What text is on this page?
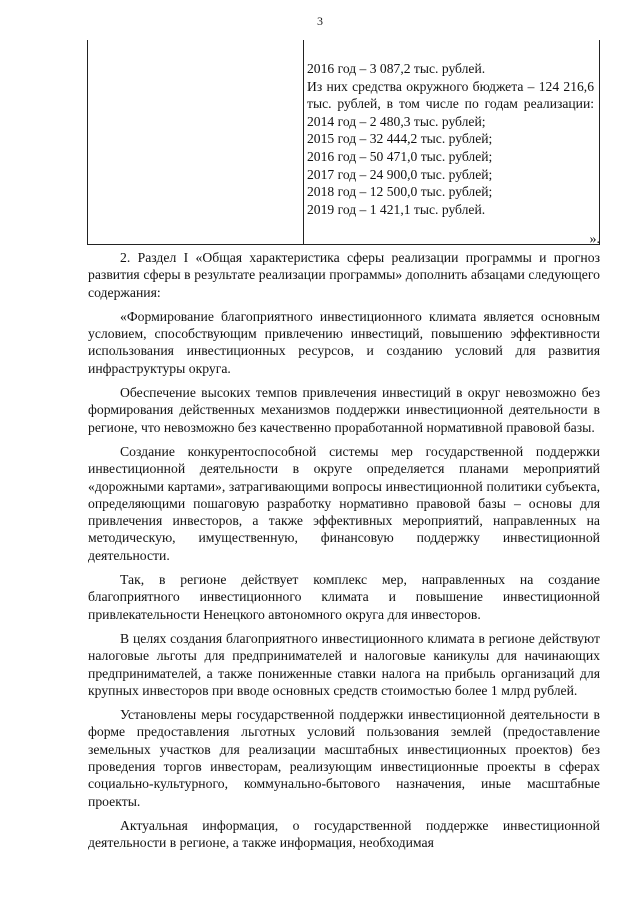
3
2016 год – 3 087,2 тыс. рублей.
Из них средства окружного бюджета – 124 216,6 тыс. рублей, в том числе по годам реализации:
2014 год – 2 480,3 тыс. рублей;
2015 год – 32 444,2 тыс. рублей;
2016 год – 50 471,0 тыс. рублей;
2017 год – 24 900,0 тыс. рублей;
2018 год – 12 500,0 тыс. рублей;
2019 год – 1 421,1 тыс. рублей.
».

2. Раздел I «Общая характеристика сферы реализации программы и прогноз развития сферы в результате реализации программы» дополнить абзацами следующего содержания:

«Формирование благоприятного инвестиционного климата является основным условием, способствующим привлечению инвестиций, повышению эффективности использования инвестиционных ресурсов, и созданию условий для развития инфраструктуры округа.

Обеспечение высоких темпов привлечения инвестиций в округ невозможно без формирования действенных механизмов поддержки инвестиционной деятельности в регионе, что невозможно без качественно проработанной нормативной правовой базы.

Создание конкурентоспособной системы мер государственной поддержки инвестиционной деятельности в округе определяется планами мероприятий «дорожными картами», затрагивающими вопросы инвестиционной политики субъекта, определяющими пошаговую разработку нормативно правовой базы – основы для привлечения инвесторов, а также эффективных мероприятий, направленных на методическую, имущественную, финансовую поддержку инвестиционной деятельности.

Так, в регионе действует комплекс мер, направленных на создание благоприятного инвестиционного климата и повышение инвестиционной привлекательности Ненецкого автономного округа для инвесторов.

В целях создания благоприятного инвестиционного климата в регионе действуют налоговые льготы для предпринимателей и налоговые каникулы для начинающих предпринимателей, а также пониженные ставки налога на прибыль организаций для крупных инвесторов при вводе основных средств стоимостью более 1 млрд рублей.

Установлены меры государственной поддержки инвестиционной деятельности в форме предоставления льготных условий пользования землей (предоставление земельных участков для реализации масштабных инвестиционных проектов) без проведения торгов инвесторам, реализующим инвестиционные проекты в сферах социально-культурного, коммунально-бытового назначения, иные масштабные проекты.

Актуальная информация, о государственной поддержке инвестиционной деятельности в регионе, а также информация, необходимая
